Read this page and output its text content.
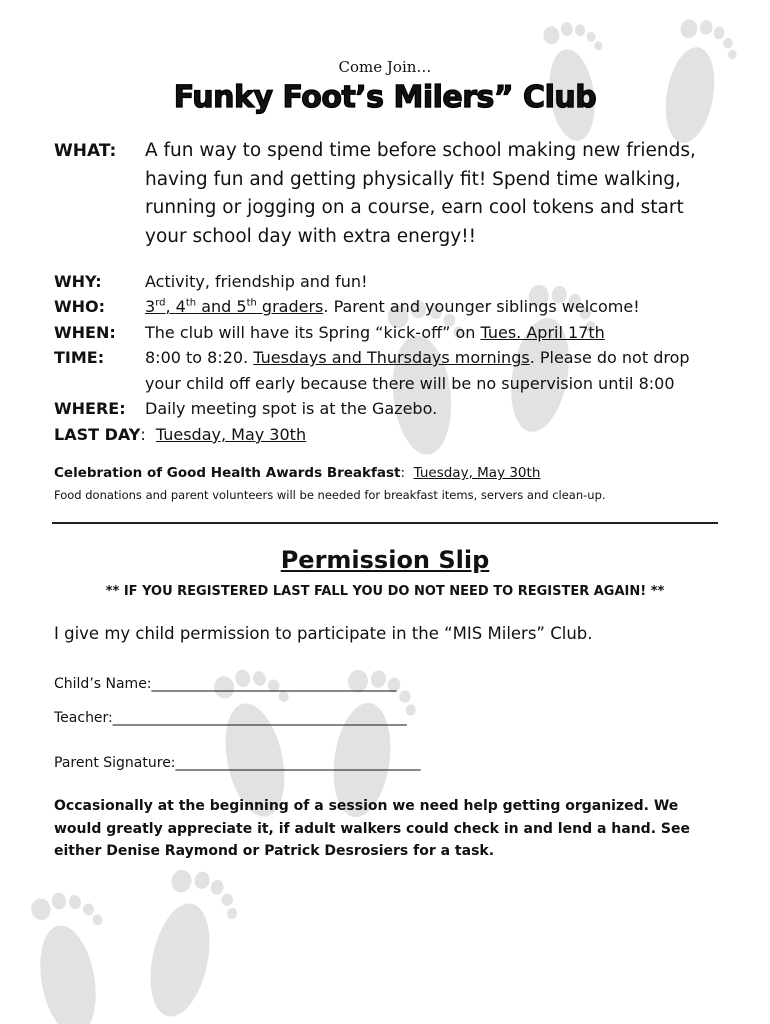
Come Join…
Funky Foot’s Milers” Club
WHAT: A fun way to spend time before school making new friends, having fun and getting physically fit! Spend time walking, running or jogging on a course, earn cool tokens and start your school day with extra energy!!
WHY:	Activity, friendship and fun!
WHO: 3rd, 4th and 5th graders. Parent and younger siblings welcome!
WHEN: The club will have its Spring “kick-off” on Tues. April 17th
TIME:	8:00 to 8:20. Tuesdays and Thursdays mornings. Please do not drop your child off early because there will be no supervision until 8:00
WHERE: Daily meeting spot is at the Gazebo.
LAST DAY:  Tuesday, May 30th
Celebration of Good Health Awards Breakfast:  Tuesday, May 30th
Food donations and parent volunteers will be needed for breakfast items, servers and clean-up.
Permission Slip
** IF YOU REGISTERED LAST FALL YOU DO NOT NEED TO REGISTER AGAIN! **
I give my child permission to participate in the “MIS Milers” Club.
Child’s Name:___________________________________
Teacher:__________________________________________
Parent Signature:___________________________________
Occasionally at the beginning of a session we need help getting organized. We would greatly appreciate it, if adult walkers could check in and lend a hand. See either Denise Raymond or Patrick Desrosiers for a task.
